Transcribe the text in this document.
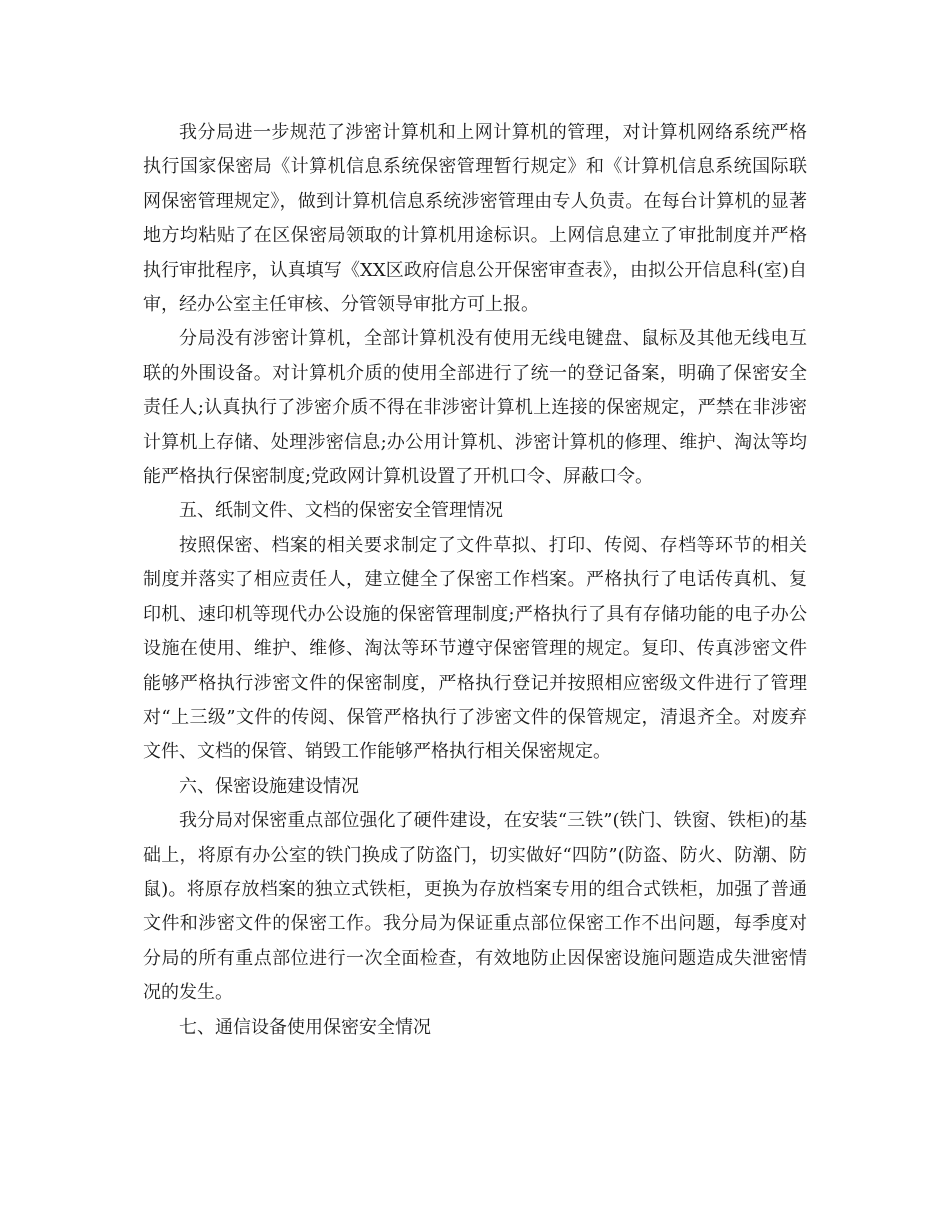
我分局进一步规范了涉密计算机和上网计算机的管理，对计算机网络系统严格执行国家保密局《计算机信息系统保密管理暂行规定》和《计算机信息系统国际联网保密管理规定》，做到计算机信息系统涉密管理由专人负责。在每台计算机的显著地方均粘贴了在区保密局领取的计算机用途标识。上网信息建立了审批制度并严格执行审批程序，认真填写《XX区政府信息公开保密审查表》，由拟公开信息科(室)自审，经办公室主任审核、分管领导审批方可上报。

分局没有涉密计算机，全部计算机没有使用无线电键盘、鼠标及其他无线电互联的外围设备。对计算机介质的使用全部进行了统一的登记备案，明确了保密安全责任人;认真执行了涉密介质不得在非涉密计算机上连接的保密规定，严禁在非涉密计算机上存储、处理涉密信息;办公用计算机、涉密计算机的修理、维护、淘汰等均能严格执行保密制度;党政网计算机设置了开机口令、屏蔽口令。

五、纸制文件、文档的保密安全管理情况

按照保密、档案的相关要求制定了文件草拟、打印、传阅、存档等环节的相关制度并落实了相应责任人，建立健全了保密工作档案。严格执行了电话传真机、复印机、速印机等现代办公设施的保密管理制度;严格执行了具有存储功能的电子办公设施在使用、维护、维修、淘汰等环节遵守保密管理的规定。复印、传真涉密文件能够严格执行涉密文件的保密制度，严格执行登记并按照相应密级文件进行了管理对“上三级”文件的传阅、保管严格执行了涉密文件的保管规定，清退齐全。对废弃文件、文档的保管、销毁工作能够严格执行相关保密规定。

六、保密设施建设情况

我分局对保密重点部位强化了硬件建设，在安装“三铁”(铁门、铁窗、铁柜)的基础上，将原有办公室的铁门换成了防盗门，切实做好“四防”(防盗、防火、防潮、防鼠)。将原存放档案的独立式铁柜，更换为存放档案专用的组合式铁柜，加强了普通文件和涉密文件的保密工作。我分局为保证重点部位保密工作不出问题，每季度对分局的所有重点部位进行一次全面检查，有效地防止因保密设施问题造成失泄密情况的发生。

七、通信设备使用保密安全情况
